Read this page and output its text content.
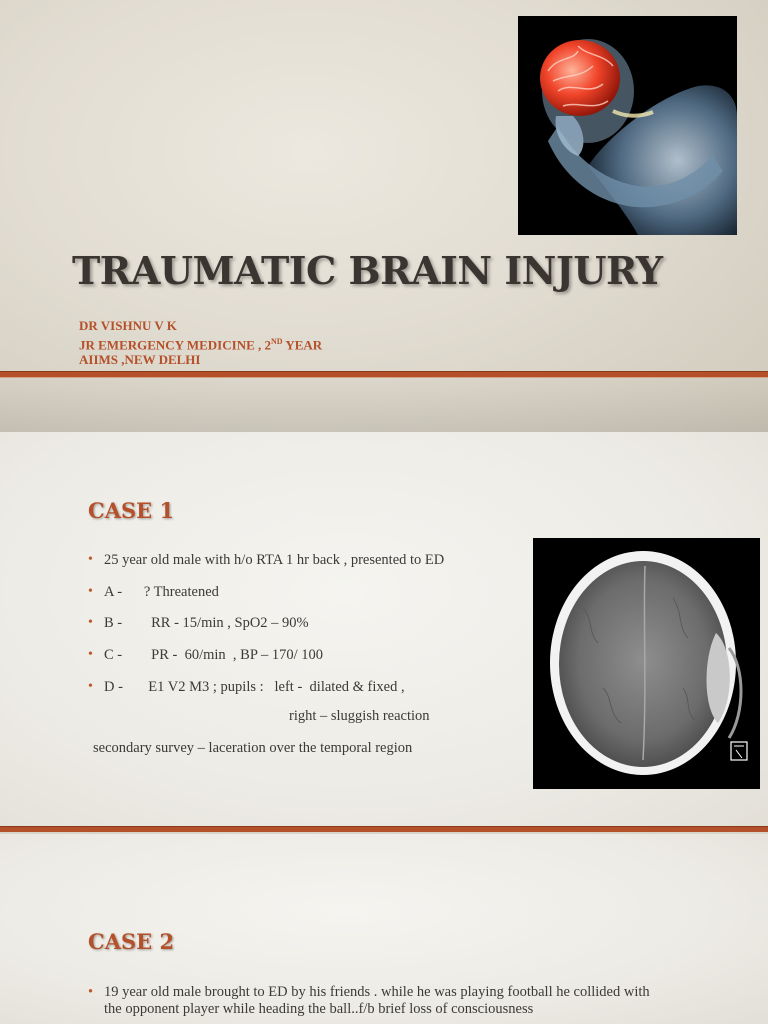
TRAUMATIC BRAIN INJURY
DR VISHNU V K
JR EMERGENCY MEDICINE , 2ND YEAR
AIIMS ,NEW DELHI
CASE 1
• 25 year old male with h/o RTA 1 hr back , presented to ED
• A -      ? Threatened
• B -        RR - 15/min , SpO2 – 90%
• C -        PR -  60/min  , BP – 170/ 100
• D -       E1 V2 M3 ; pupils :   left -  dilated & fixed ,
right – sluggish reaction
secondary survey – laceration over the temporal region
CASE 2
• 19 year old male brought to ED by his friends . while he was playing football he collided with the opponent player while heading the ball..f/b brief loss of consciousness
